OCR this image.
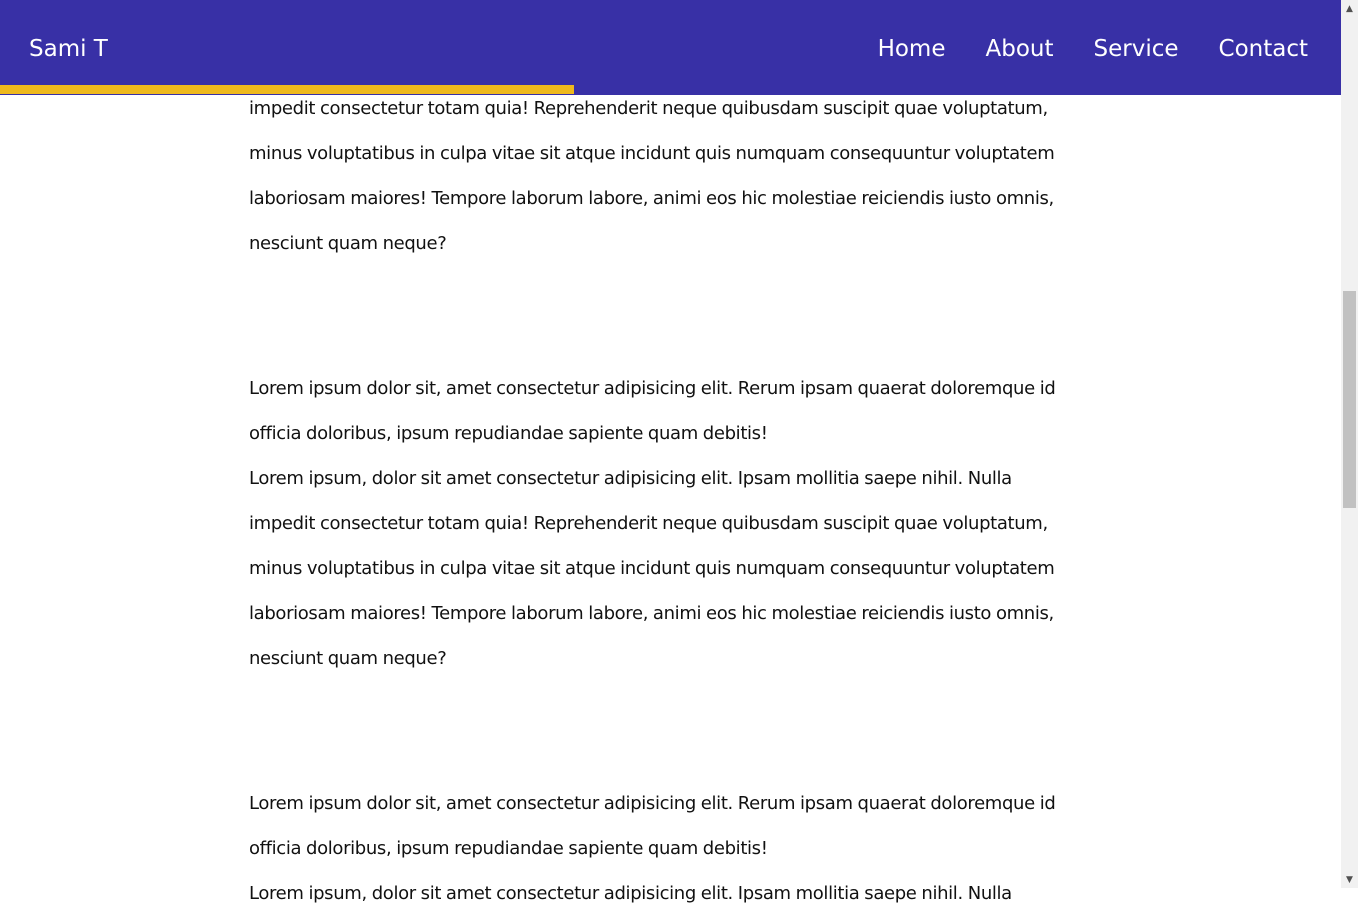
Sami T	Home About Service Contact

impedit consectetur totam quia! Reprehenderit neque quibusdam suscipit quae voluptatum,
minus voluptatibus in culpa vitae sit atque incidunt quis numquam consequuntur voluptatem
laboriosam maiores! Tempore laborum labore, animi eos hic molestiae reiciendis iusto omnis,
nesciunt quam neque?

Lorem ipsum dolor sit, amet consectetur adipisicing elit. Rerum ipsam quaerat doloremque id
officia doloribus, ipsum repudiandae sapiente quam debitis!
Lorem ipsum, dolor sit amet consectetur adipisicing elit. Ipsam mollitia saepe nihil. Nulla
impedit consectetur totam quia! Reprehenderit neque quibusdam suscipit quae voluptatum,
minus voluptatibus in culpa vitae sit atque incidunt quis numquam consequuntur voluptatem
laboriosam maiores! Tempore laborum labore, animi eos hic molestiae reiciendis iusto omnis,
nesciunt quam neque?

Lorem ipsum dolor sit, amet consectetur adipisicing elit. Rerum ipsam quaerat doloremque id
officia doloribus, ipsum repudiandae sapiente quam debitis!
Lorem ipsum, dolor sit amet consectetur adipisicing elit. Ipsam mollitia saepe nihil. Nulla

▲
▼
